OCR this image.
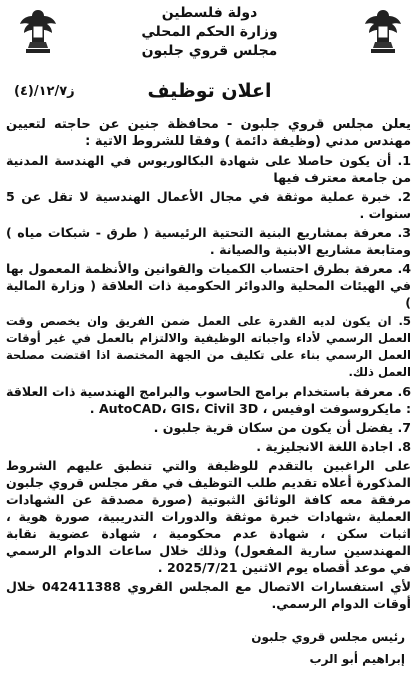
دولة فلسطين
وزارة الحكم المحلي
مجلس قروي جلبون
ز١٢/٧/(٤)	اعلان توظيف

يعلن مجلس قروي جلبون - محافظة جنين عن حاجته لتعيين مهندس مدني (وظيفة دائمة ) وفقا للشروط الاتية :

1. أن يكون حاصلا على شهادة البكالوريوس في الهندسة المدنية من جامعة معترف فيها

2. خبرة عملية موثقة في مجال الأعمال الهندسية لا تقل عن 5 سنوات .

3. معرفة بمشاريع البنية التحتية الرئيسية ( طرق - شبكات مياه ) ومتابعة مشاريع الابنية والصيانة .

4. معرفة بطرق احتساب الكميات والقوانين والأنظمة المعمول بها في الهيئات المحلية والدوائر الحكومية ذات العلاقة ( وزارة المالية )

5. ان يكون لديه القدرة على العمل ضمن الفريق وان يخصص وقت العمل الرسمي لأداء واجباته الوظيفية والالتزام بالعمل في غير أوقات العمل الرسمي بناء على تكليف من الجهة المختصة اذا اقتضت مصلحة العمل ذلك.

6. معرفة باستخدام برامج الحاسوب والبرامج الهندسية ذات العلاقة : مايكروسوفت اوفيس ، AutoCAD، GIS، Civil 3D .

7. يفضل أن يكون من سكان قرية جلبون .

8. اجادة اللغة الانجليزية .

على الراغبين بالتقدم للوظيفة والتي تنطبق عليهم الشروط المذكورة أعلاه تقديم طلب التوظيف في مقر مجلس قروي جلبون مرفقة معه كافة الوثائق الثبوتية (صورة مصدقة عن الشهادات العملية ،شهادات خبرة موثقة والدورات التدريبية، صورة هوية ، اثبات سكن ، شهادة عدم محكومية ، شهادة عضوية نقابة المهندسين سارية المفعول) وذلك خلال ساعات الدوام الرسمي في موعد أقصاه يوم الاثنين 2025/7/21 .

لأي استفسارات الاتصال مع المجلس القروي 042411388 خلال أوقات الدوام الرسمي.

رئيس مجلس قروي جلبون
إبراهيم أبو الرب
